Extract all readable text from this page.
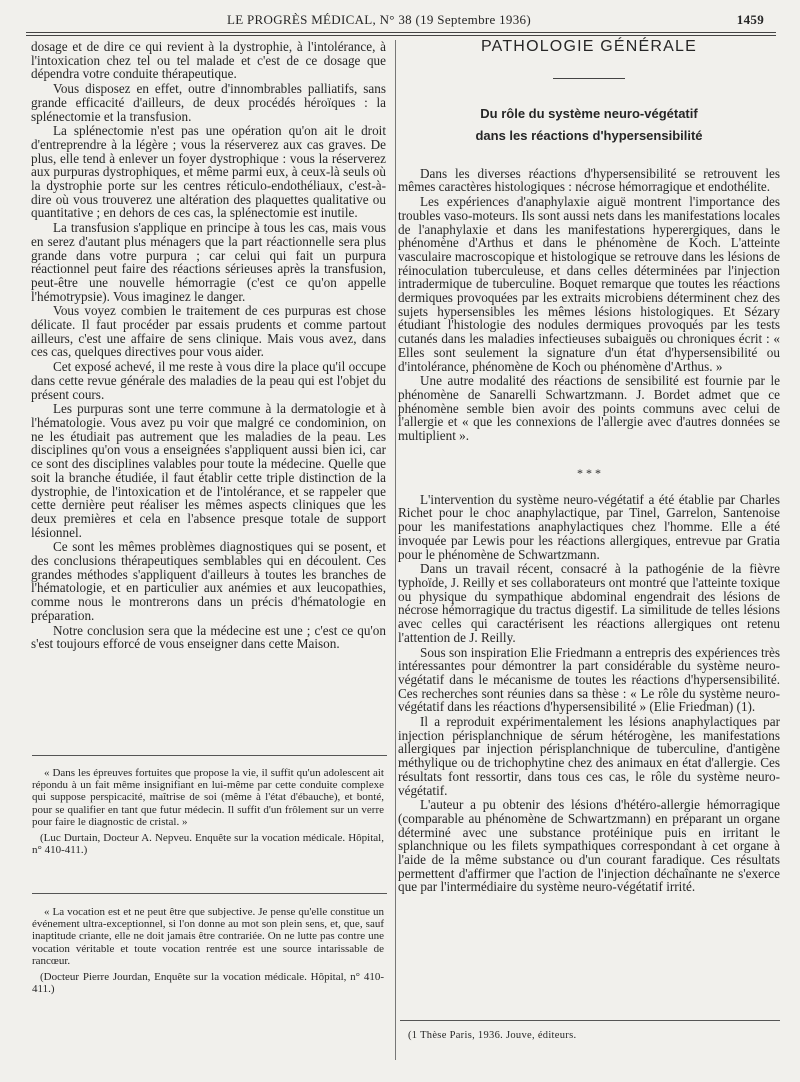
LE PROGRÈS MÉDICAL, N° 38 (19 Septembre 1936)	1459

dosage et de dire ce qui revient à la dystrophie, à l'intolérance, à l'intoxication chez tel ou tel malade et c'est de ce dosage que dépendra votre conduite thérapeutique.

Vous disposez en effet, outre d'innombrables palliatifs, sans grande efficacité d'ailleurs, de deux procédés héroïques : la splénectomie et la transfusion.

La splénectomie n'est pas une opération qu'on ait le droit d'entreprendre à la légère ; vous la réserverez aux cas graves. De plus, elle tend à enlever un foyer dystrophique : vous la réserverez aux purpuras dystrophiques, et même parmi eux, à ceux-là seuls où la dystrophie porte sur les centres réticulo-endothéliaux, c'est-à-dire où vous trouverez une altération des plaquettes qualitative ou quantitative ; en dehors de ces cas, la splénectomie est inutile.

La transfusion s'applique en principe à tous les cas, mais vous en serez d'autant plus ménagers que la part réactionnelle sera plus grande dans votre purpura ; car celui qui fait un purpura réactionnel peut faire des réactions sérieuses après la transfusion, peut-être une nouvelle hémorragie (c'est ce qu'on appelle l'hémotrypsie). Vous imaginez le danger.

Vous voyez combien le traitement de ces purpuras est chose délicate. Il faut procéder par essais prudents et comme partout ailleurs, c'est une affaire de sens clinique. Mais vous avez, dans ces cas, quelques directives pour vous aider.

Cet exposé achevé, il me reste à vous dire la place qu'il occupe dans cette revue générale des maladies de la peau qui est l'objet du présent cours.

Les purpuras sont une terre commune à la dermatologie et à l'hématologie. Vous avez pu voir que malgré ce condominion, on ne les étudiait pas autrement que les maladies de la peau. Les disciplines qu'on vous a enseignées s'appliquent aussi bien ici, car ce sont des disciplines valables pour toute la médecine. Quelle que soit la branche étudiée, il faut établir cette triple distinction de la dystrophie, de l'intoxication et de l'intolérance, et se rappeler que cette dernière peut réaliser les mêmes aspects cliniques que les deux premières et cela en l'absence presque totale de support lésionnel.

Ce sont les mêmes problèmes diagnostiques qui se posent, et des conclusions thérapeutiques semblables qui en découlent. Ces grandes méthodes s'appliquent d'ailleurs à toutes les branches de l'hématologie, et en particulier aux anémies et aux leucopathies, comme nous le montrerons dans un précis d'hématologie en préparation.

Notre conclusion sera que la médecine est une ; c'est ce qu'on s'est toujours efforcé de vous enseigner dans cette Maison.

« Dans les épreuves fortuites que propose la vie, il suffit qu'un adolescent ait répondu à un fait même insignifiant en lui-même par cette conduite complexe qui suppose perspicacité, maîtrise de soi (même à l'état d'ébauche), et bonté, pour se qualifier en tant que futur médecin. Il suffit d'un frôlement sur un verre pour faire le diagnostic de cristal. »

(Luc Durtain, Docteur A. Nepveu. Enquête sur la vocation médicale. Hôpital, n° 410-411.)

« La vocation est et ne peut être que subjective. Je pense qu'elle constitue un événement ultra-exceptionnel, si l'on donne au mot son plein sens, et, que, sauf inaptitude criante, elle ne doit jamais être contrariée. On ne lutte pas contre une vocation véritable et toute vocation rentrée est une source intarissable de rancœur.

(Docteur Pierre Jourdan, Enquête sur la vocation médicale. Hôpital, n° 410-411.)

PATHOLOGIE GÉNÉRALE

Du rôle du système neuro-végétatif
dans les réactions d'hypersensibilité

Dans les diverses réactions d'hypersensibilité se retrouvent les mêmes caractères histologiques : nécrose hémorragique et endothélite.

Les expériences d'anaphylaxie aiguë montrent l'importance des troubles vaso-moteurs. Ils sont aussi nets dans les manifestations locales de l'anaphylaxie et dans les manifestations hyperergiques, dans le phénomène d'Arthus et dans le phénomène de Koch. L'atteinte vasculaire macroscopique et histologique se retrouve dans les lésions de réinoculation tuberculeuse, et dans celles déterminées par l'injection intradermique de tuberculine. Boquet remarque que toutes les réactions dermiques provoquées par les extraits microbiens déterminent chez des sujets hypersensibles les mêmes lésions histologiques. Et Sézary étudiant l'histologie des nodules dermiques provoqués par les tests cutanés dans les maladies infectieuses subaiguës ou chroniques écrit : « Elles sont seulement la signature d'un état d'hypersensibilité ou d'intolérance, phénomène de Koch ou phénomène d'Arthus. »

Une autre modalité des réactions de sensibilité est fournie par le phénomène de Sanarelli Schwartzmann. J. Bordet admet que ce phénomène semble bien avoir des points communs avec celui de l'allergie et « que les connexions de l'allergie avec d'autres données se multiplient ».

* * *

L'intervention du système neuro-végétatif a été établie par Charles Richet pour le choc anaphylactique, par Tinel, Garrelon, Santenoise pour les manifestations anaphylactiques chez l'homme. Elle a été invoquée par Lewis pour les réactions allergiques, entrevue par Gratia pour le phénomène de Schwartzmann.

Dans un travail récent, consacré à la pathogénie de la fièvre typhoïde, J. Reilly et ses collaborateurs ont montré que l'atteinte toxique ou physique du sympathique abdominal engendrait des lésions de nécrose hémorragique du tractus digestif. La similitude de telles lésions avec celles qui caractérisent les réactions allergiques ont retenu l'attention de J. Reilly.

Sous son inspiration Elie Friedmann a entrepris des expériences très intéressantes pour démontrer la part considérable du système neuro-végétatif dans le mécanisme de toutes les réactions d'hypersensibilité. Ces recherches sont réunies dans sa thèse : « Le rôle du système neuro-végétatif dans les réactions d'hypersensibilité » (Elie Friedman) (1).

Il a reproduit expérimentalement les lésions anaphylactiques par injection périsplanchnique de sérum hétérogène, les manifestations allergiques par injection périsplanchnique de tuberculine, d'antigène méthylique ou de trichophytine chez des animaux en état d'allergie. Ces résultats font ressortir, dans tous ces cas, le rôle du système neuro-végétatif.

L'auteur a pu obtenir des lésions d'hétéro-allergie hémorragique (comparable au phénomène de Schwartzmann) en préparant un organe déterminé avec une substance protéinique puis en irritant le splanchnique ou les filets sympathiques correspondant à cet organe à l'aide de la même substance ou d'un courant faradique. Ces résultats permettent d'affirmer que l'action de l'injection déchaînante ne s'exerce que par l'intermédiaire du système neuro-végétatif irrité.

(1 Thèse Paris, 1936. Jouve, éditeurs.
